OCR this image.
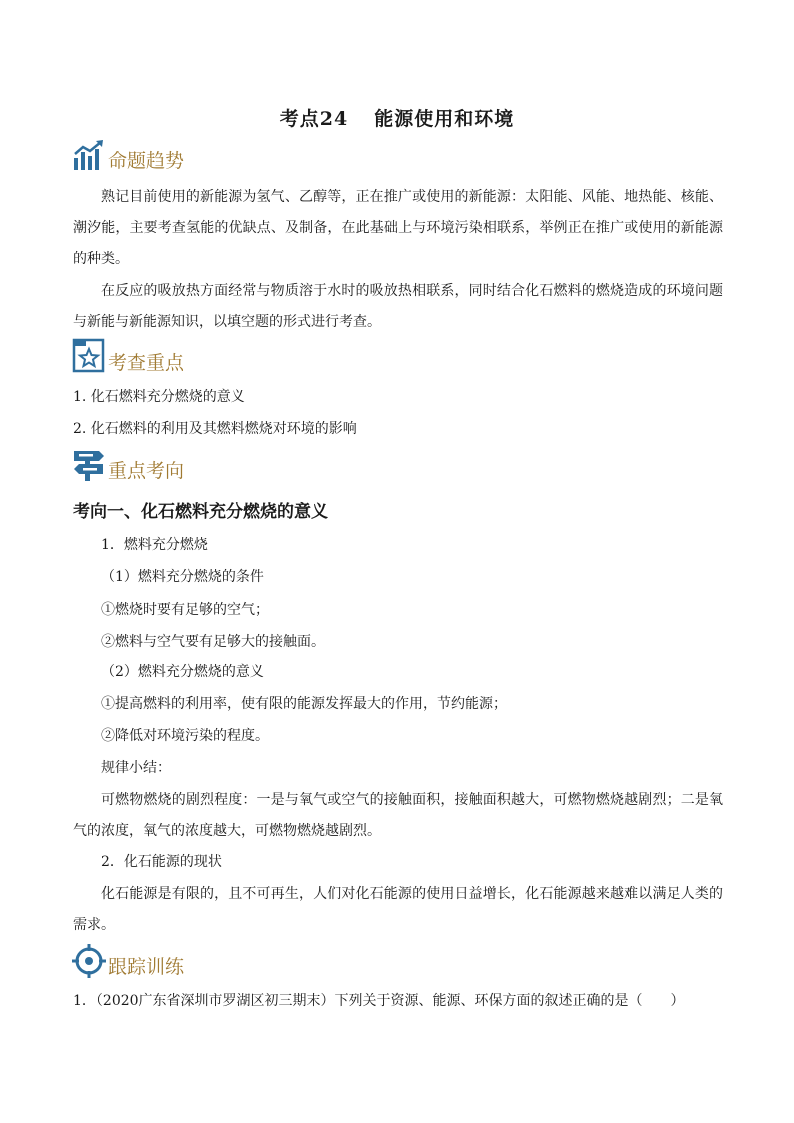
考点24 能源使用和环境
命题趋势

熟记目前使用的新能源为氢气、乙醇等，正在推广或使用的新能源：太阳能、风能、地热能、核能、潮汐能，主要考查氢能的优缺点、及制备，在此基础上与环境污染相联系，举例正在推广或使用的新能源的种类。

在反应的吸放热方面经常与物质溶于水时的吸放热相联系，同时结合化石燃料的燃烧造成的环境问题与新能与新能源知识，以填空题的形式进行考查。

考查重点
1. 化石燃料充分燃烧的意义
2. 化石燃料的利用及其燃料燃烧对环境的影响
重点考向
考向一、化石燃料充分燃烧的意义
1．燃料充分燃烧
（1）燃料充分燃烧的条件
①燃烧时要有足够的空气；
②燃料与空气要有足够大的接触面。
（2）燃料充分燃烧的意义
①提高燃料的利用率，使有限的能源发挥最大的作用，节约能源；
②降低对环境污染的程度。
规律小结：

可燃物燃烧的剧烈程度：一是与氧气或空气的接触面积，接触面积越大，可燃物燃烧越剧烈；二是氧气的浓度，氧气的浓度越大，可燃物燃烧越剧烈。

2．化石能源的现状

化石能源是有限的，且不可再生，人们对化石能源的使用日益增长，化石能源越来越难以满足人类的需求。

跟踪训练
1．（2020广东省深圳市罗湖区初三期末）下列关于资源、能源、环保方面的叙述正确的是（　　）
